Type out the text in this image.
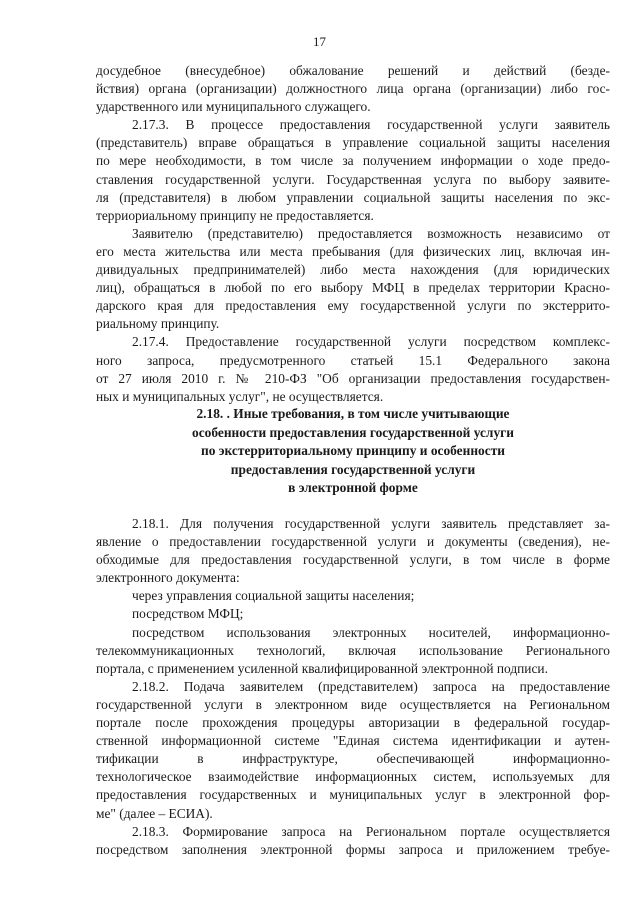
17
досудебное (внесудебное) обжалование решений и действий (безде-
йствия) органа (организации) должностного лица органа (организации) либо гос-
ударственного или муниципального служащего.
2.17.3. В процессе предоставления государственной услуги заявитель
(представитель) вправе обращаться в управление социальной защиты населения
по мере необходимости, в том числе за получением информации о ходе предо-
ставления государственной услуги. Государственная услуга по выбору заявите-
ля (представителя) в любом управлении социальной защиты населения по экс-
терриориальному принципу не предоставляется.
Заявителю (представителю) предоставляется возможность независимо от
его места жительства или места пребывания (для физических лиц, включая ин-
дивидуальных предпринимателей) либо места нахождения (для юридических
лиц), обращаться в любой по его выбору МФЦ в пределах территории Красно-
дарского края для предоставления ему государственной услуги по экстеррито-
риальному принципу.
2.17.4. Предоставление государственной услуги посредством комплекс-
ного запроса, предусмотренного статьей 15.1 Федерального закона
от 27 июля 2010 г. № 210-ФЗ "Об организации предоставления государствен-
ных и муниципальных услуг", не осуществляется.
2.18. . Иные требования, в том числе учитывающие
особенности предоставления государственной услуги
по экстерриториальному принципу и особенности
предоставления государственной услуги
в электронной форме
2.18.1. Для получения государственной услуги заявитель представляет за-
явление о предоставлении государственной услуги и документы (сведения), не-
обходимые для предоставления государственной услуги, в том числе в форме
электронного документа:
через управления социальной защиты населения;
посредством МФЦ;
посредством использования электронных носителей, информационно-
телекоммуникационных технологий, включая использование Регионального
портала, с применением усиленной квалифицированной электронной подписи.
2.18.2. Подача заявителем (представителем) запроса на предоставление
государственной услуги в электронном виде осуществляется на Региональном
портале после прохождения процедуры авторизации в федеральной государ-
ственной информационной системе "Единая система идентификации и аутен-
тификации в инфраструктуре, обеспечивающей информационно-
технологическое взаимодействие информационных систем, используемых для
предоставления государственных и муниципальных услуг в электронной фор-
ме" (далее – ЕСИА).
2.18.3. Формирование запроса на Региональном портале осуществляется
посредством заполнения электронной формы запроса и приложением требуе-
